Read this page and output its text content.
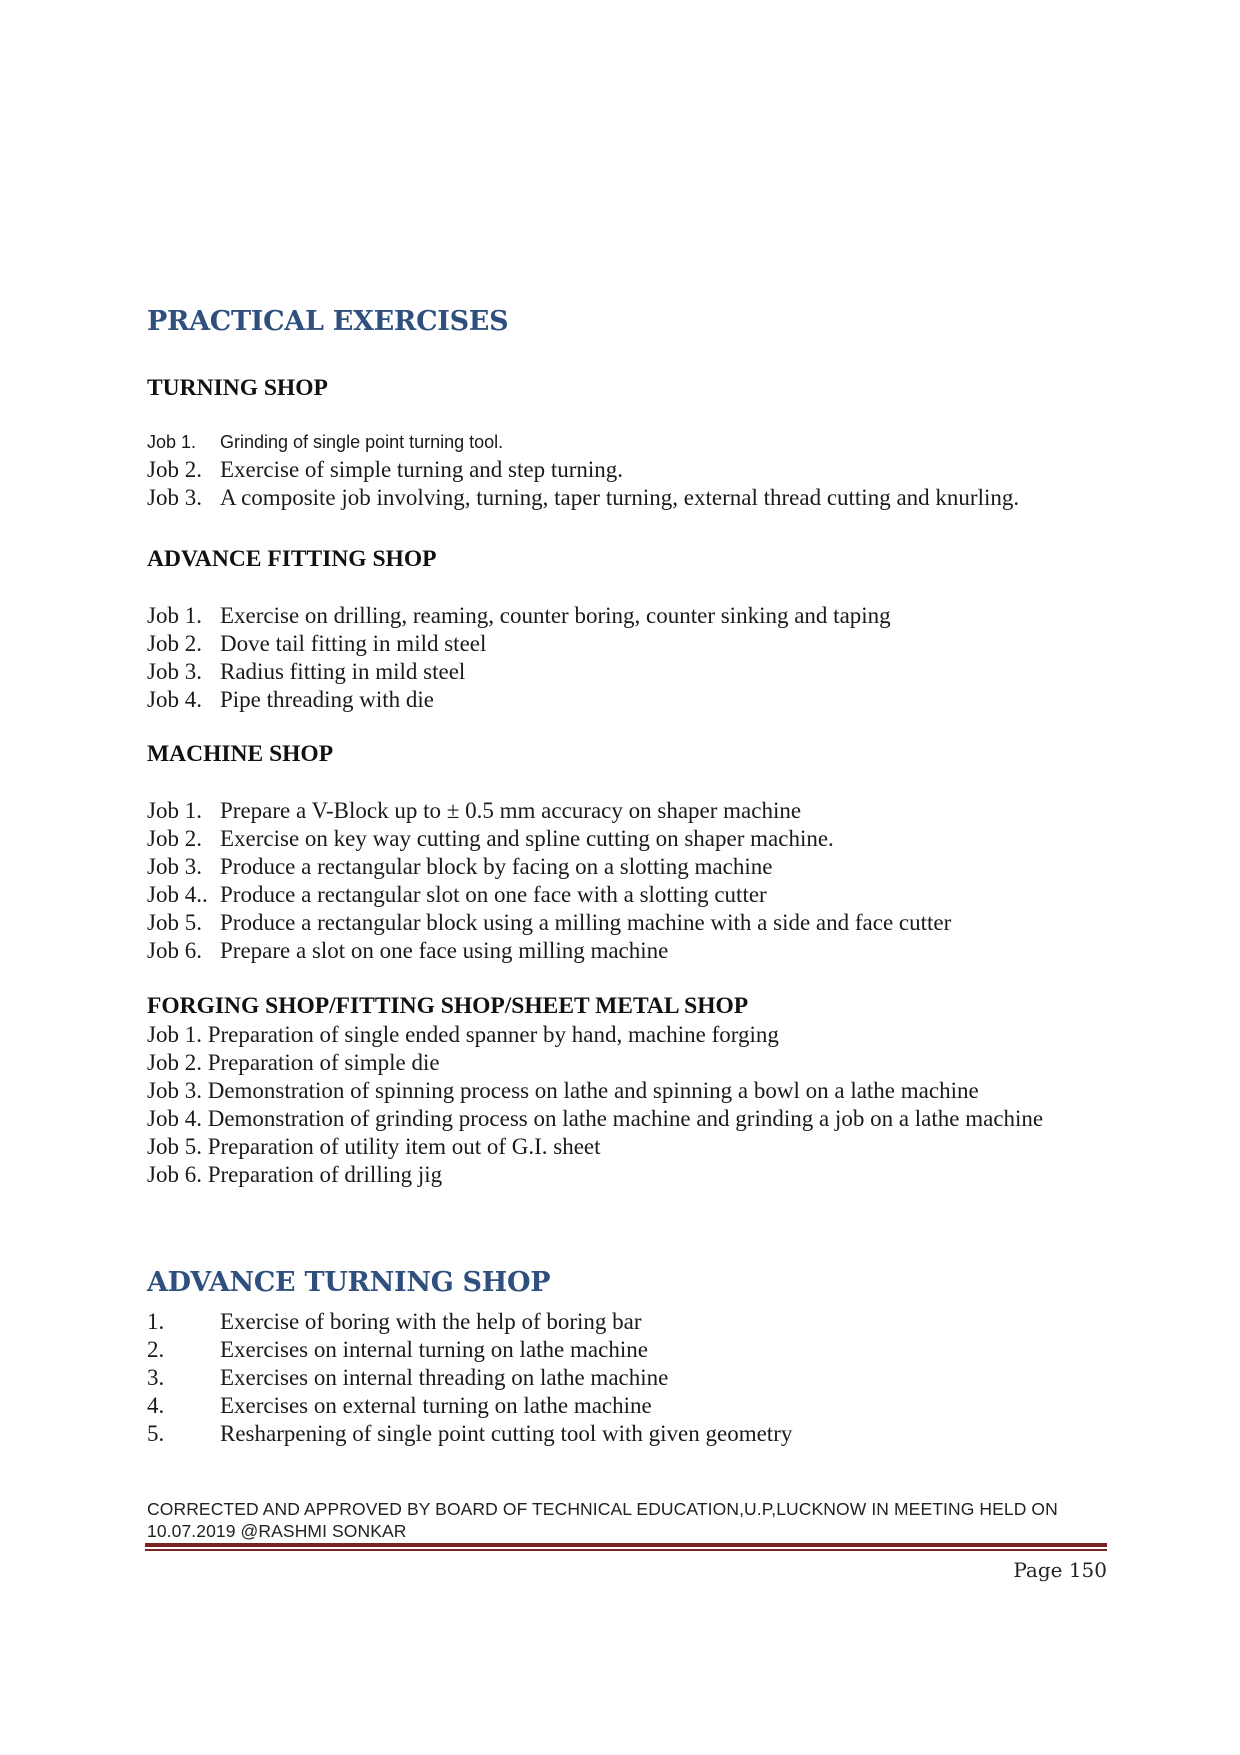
PRACTICAL EXERCISES
TURNING SHOP
Job 1. Grinding of single point turning tool.
Job 2. Exercise of simple turning and step turning.
Job 3. A composite job involving, turning, taper turning, external thread cutting and knurling.
ADVANCE FITTING SHOP
Job 1. Exercise on drilling, reaming, counter boring, counter sinking and taping
Job 2. Dove tail fitting in mild steel
Job 3. Radius fitting in mild steel
Job 4. Pipe threading with die
MACHINE SHOP
Job 1. Prepare a V-Block up to ± 0.5 mm accuracy on shaper machine
Job 2. Exercise on key way cutting and spline cutting on shaper machine.
Job 3. Produce a rectangular block by facing on a slotting machine
Job 4.. Produce a rectangular slot on one face with a slotting cutter
Job 5. Produce a rectangular block using a milling machine with a side and face cutter
Job 6. Prepare a slot on one face using milling machine
FORGING SHOP/FITTING SHOP/SHEET METAL SHOP
Job 1. Preparation of single ended spanner by hand, machine forging
Job 2. Preparation of simple die
Job 3. Demonstration of spinning process on lathe and spinning a bowl on a lathe machine
Job 4. Demonstration of grinding process on lathe machine and grinding a job on a lathe machine
Job 5. Preparation of utility item out of G.I. sheet
Job 6. Preparation of drilling jig
ADVANCE TURNING SHOP
1. Exercise of boring with the help of boring bar
2. Exercises on internal turning on lathe machine
3. Exercises on internal threading on lathe machine
4. Exercises on external turning on lathe machine
5. Resharpening of single point cutting tool with given geometry

CORRECTED AND APPROVED BY BOARD OF TECHNICAL EDUCATION,U.P,LUCKNOW IN MEETING HELD ON 10.07.2019 @RASHMI SONKAR

Page 150
